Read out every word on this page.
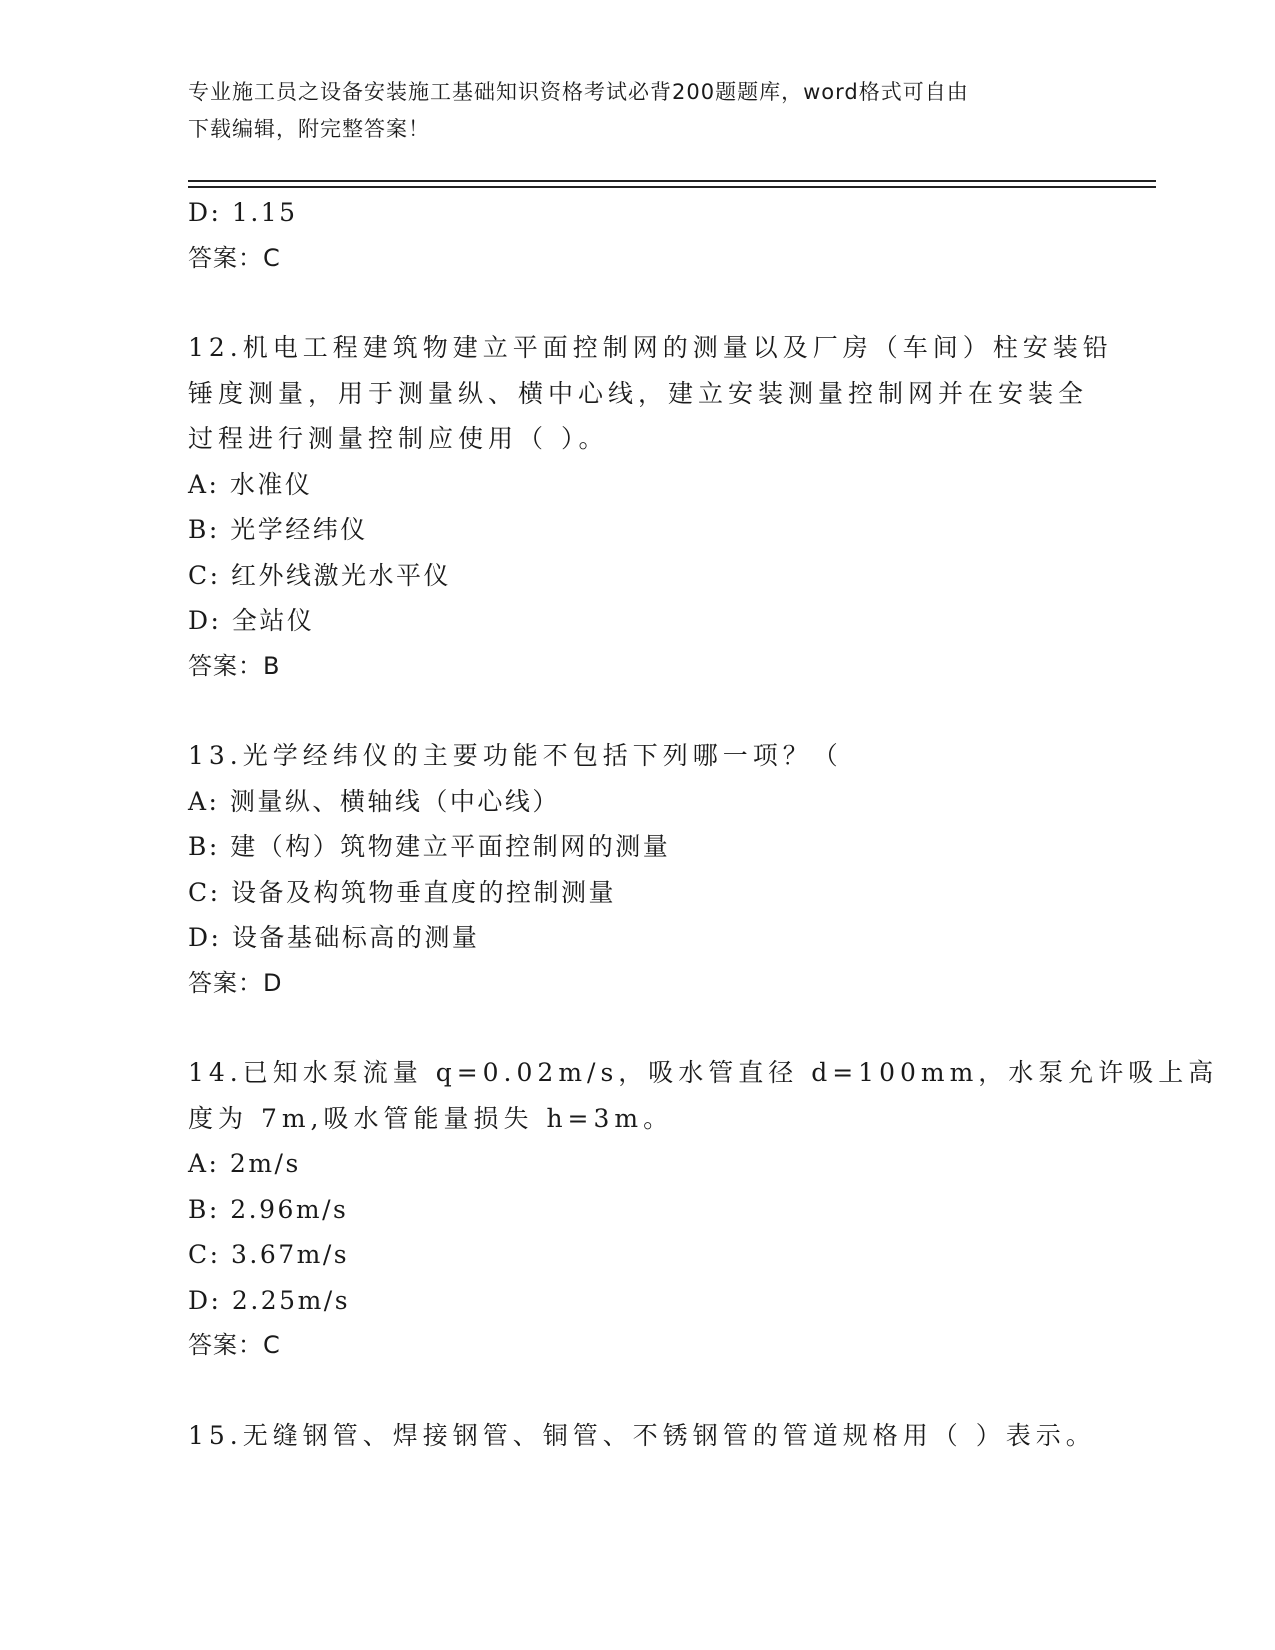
专业施工员之设备安装施工基础知识资格考试必背200题题库，word格式可自由
下载编辑，附完整答案！
D: 1.15
答案：C
12.机电工程建筑物建立平面控制网的测量以及厂房（车间）柱安装铅
锤度测量，用于测量纵、横中心线，建立安装测量控制网并在安装全
过程进行测量控制应使用（ ）。
A: 水准仪
B: 光学经纬仪
C: 红外线激光水平仪
D: 全站仪
答案：B
13.光学经纬仪的主要功能不包括下列哪一项？（
A: 测量纵、横轴线（中心线）
B: 建（构）筑物建立平面控制网的测量
C: 设备及构筑物垂直度的控制测量
D: 设备基础标高的测量
答案：D
14.已知水泵流量 q=0.02m/s，吸水管直径 d=100mm，水泵允许吸上高
度为 7m,吸水管能量损失 h=3m。
A: 2m/s
B: 2.96m/s
C: 3.67m/s
D: 2.25m/s
答案：C
15.无缝钢管、焊接钢管、铜管、不锈钢管的管道规格用（ ）表示。
